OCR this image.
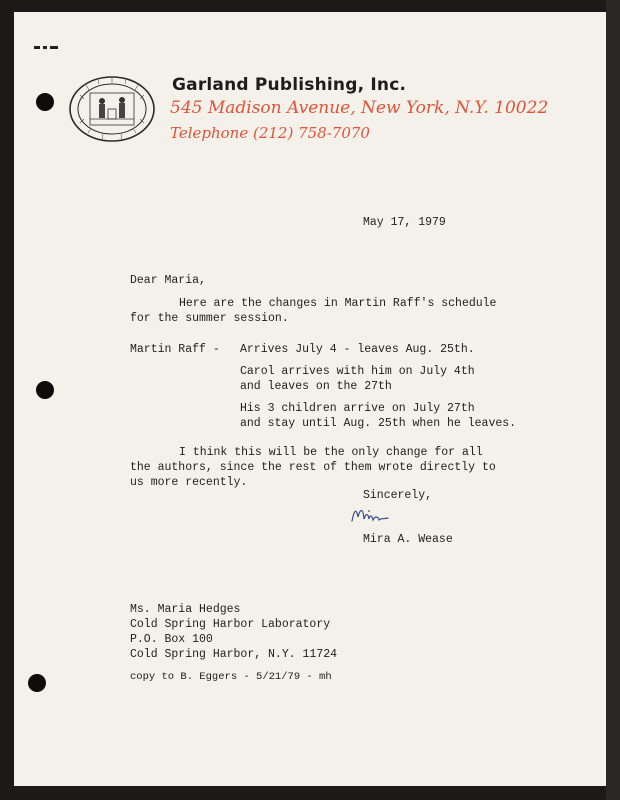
Garland Publishing, Inc.
545 Madison Avenue, New York, N.Y. 10022
Telephone (212) 758-7070
May 17, 1979
Dear Maria,
Here are the changes in Martin Raff's schedule
for the summer session.
Martin Raff - Arrives July 4 - leaves Aug. 25th.
Carol arrives with him on July 4th
and leaves on the 27th
His 3 children arrive on July 27th
and stay until Aug. 25th when he leaves.
I think this will be the only change for all
the authors, since the rest of them wrote directly to
us more recently.
Sincerely,
Mira A. Wease
Ms. Maria Hedges
Cold Spring Harbor Laboratory
P.O. Box 100
Cold Spring Harbor, N.Y. 11724
copy to B. Eggers - 5/21/79 - mh
